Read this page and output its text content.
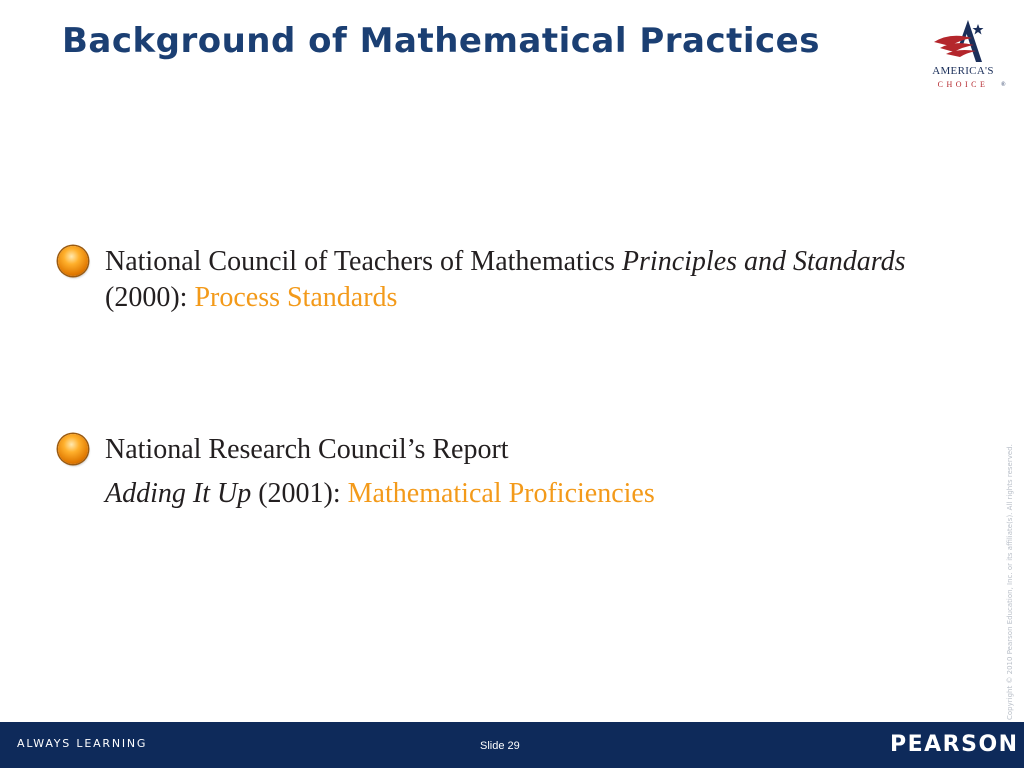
Background of Mathematical Practices
AMERICA'S
CHOICE	®
National Council of Teachers of Mathematics Principles and Standards (2000): Process Standards
National Research Council’s Report
Adding It Up (2001): Mathematical Proficiencies	Copyright © 2010 Pearson Education, Inc. or its affiliate(s). All rights reserved.
ALWAYS LEARNING	Slide 29	PEARSON
